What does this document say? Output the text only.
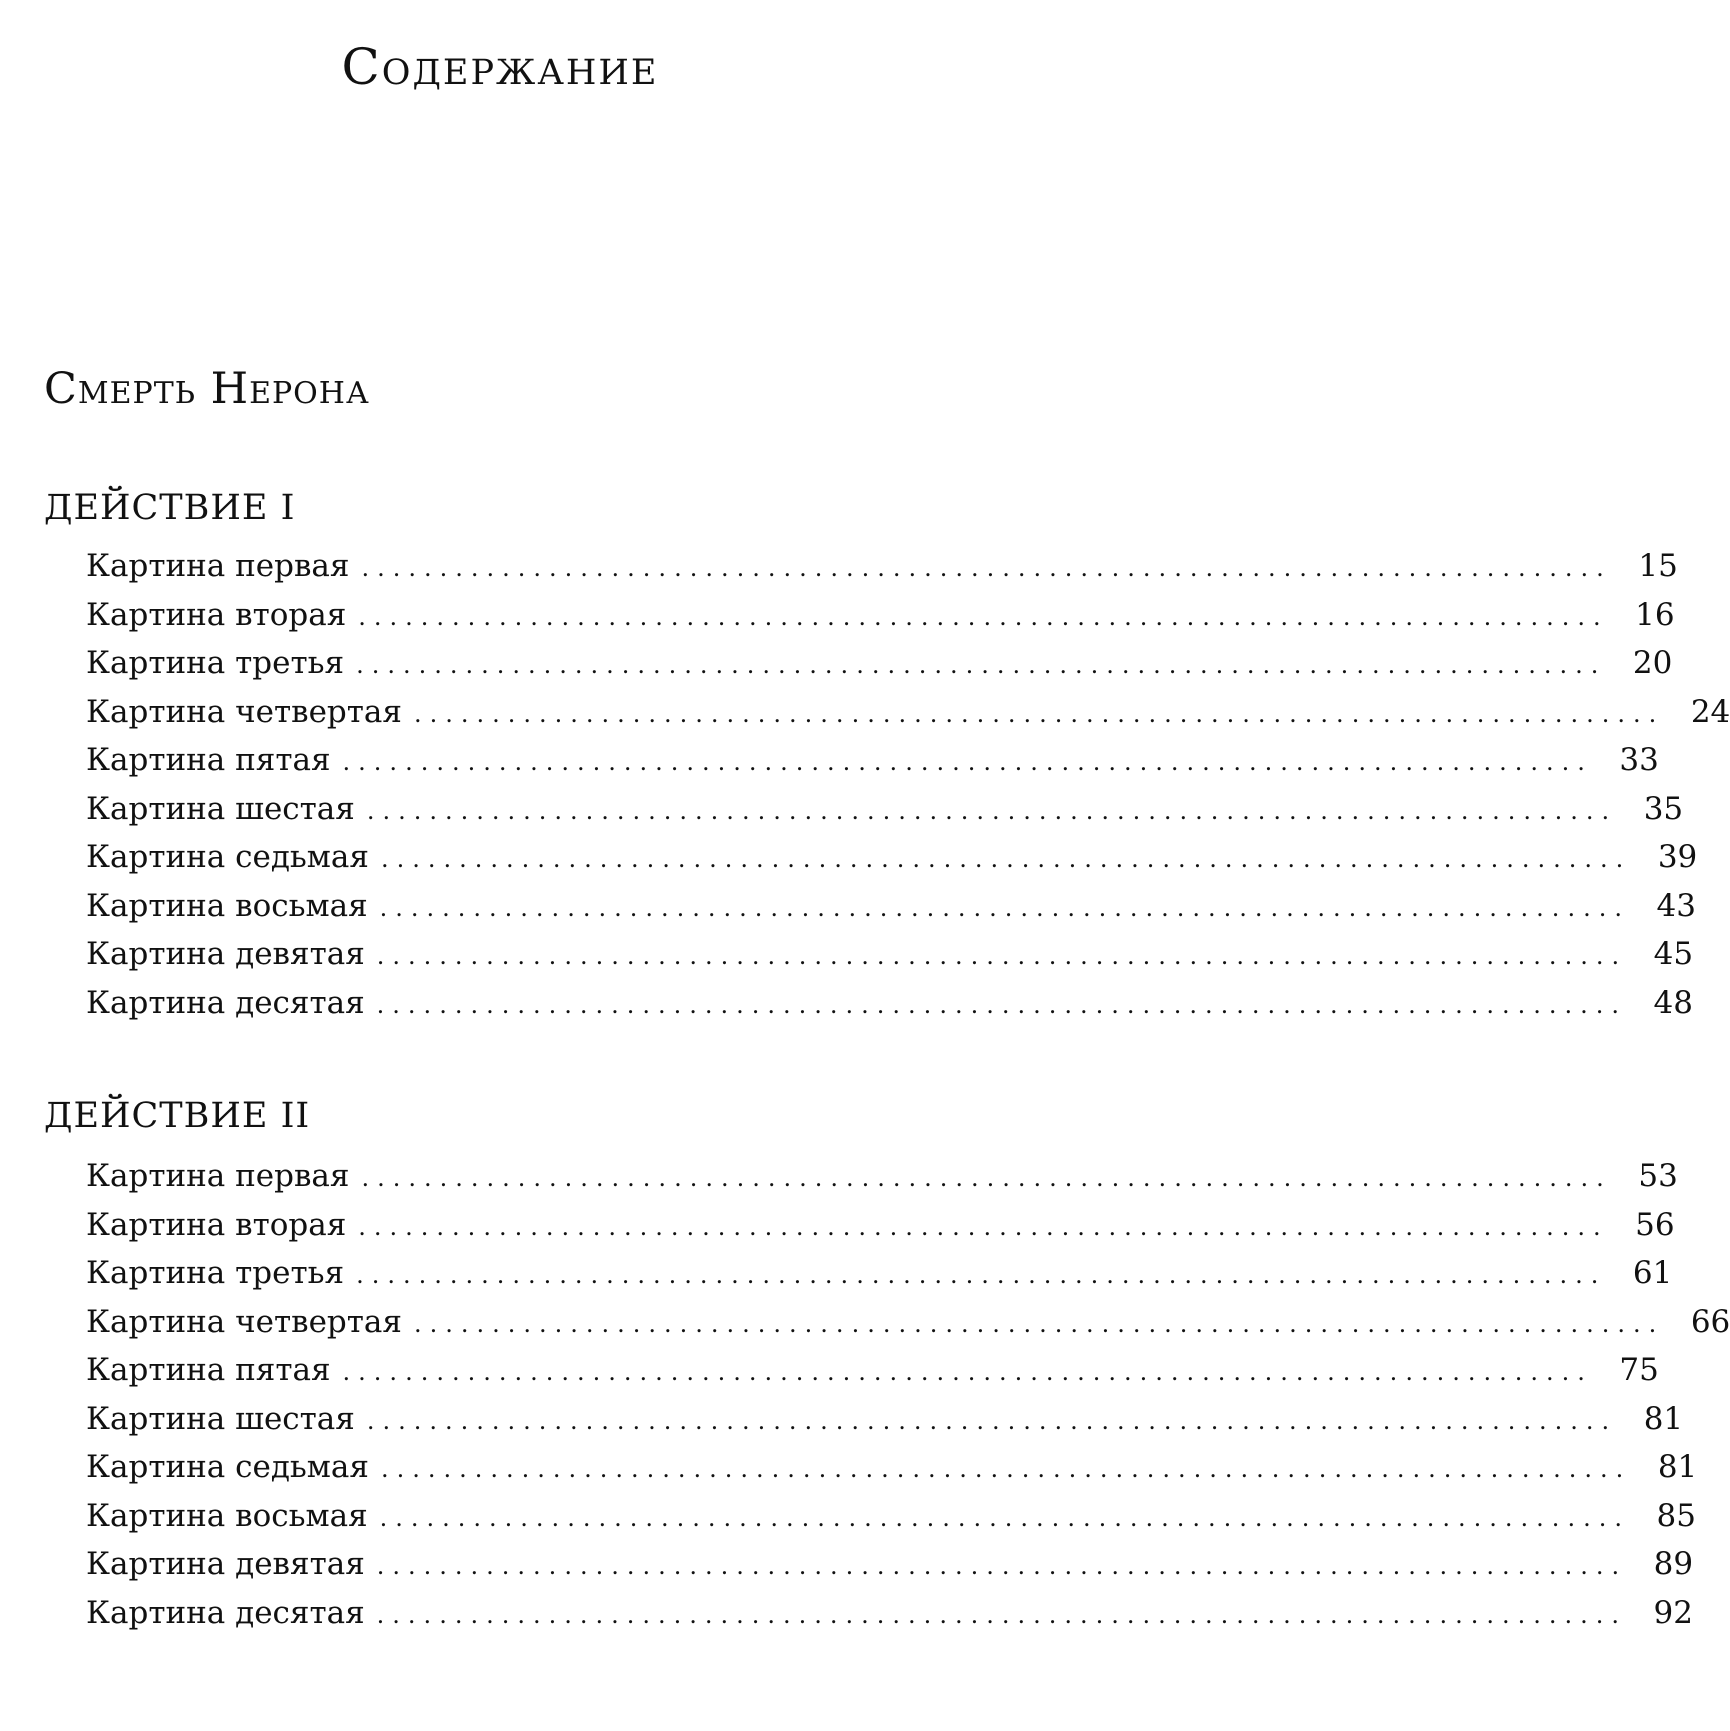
Содержание
Смерть Нерона
ДЕЙСТВИЕ I
Картина первая ................................................................................ 15
Картина вторая ................................................................................ 16
Картина третья ................................................................................ 20
Картина четвертая ................................................................................ 24
Картина пятая ................................................................................ 33
Картина шестая ................................................................................ 35
Картина седьмая ................................................................................ 39
Картина восьмая ................................................................................ 43
Картина девятая ................................................................................ 45
Картина десятая ................................................................................ 48
ДЕЙСТВИЕ II
Картина первая ................................................................................ 53
Картина вторая ................................................................................ 56
Картина третья ................................................................................ 61
Картина четвертая ................................................................................ 66
Картина пятая ................................................................................ 75
Картина шестая ................................................................................ 81
Картина седьмая ................................................................................ 81
Картина восьмая ................................................................................ 85
Картина девятая ................................................................................ 89
Картина десятая ................................................................................ 92
